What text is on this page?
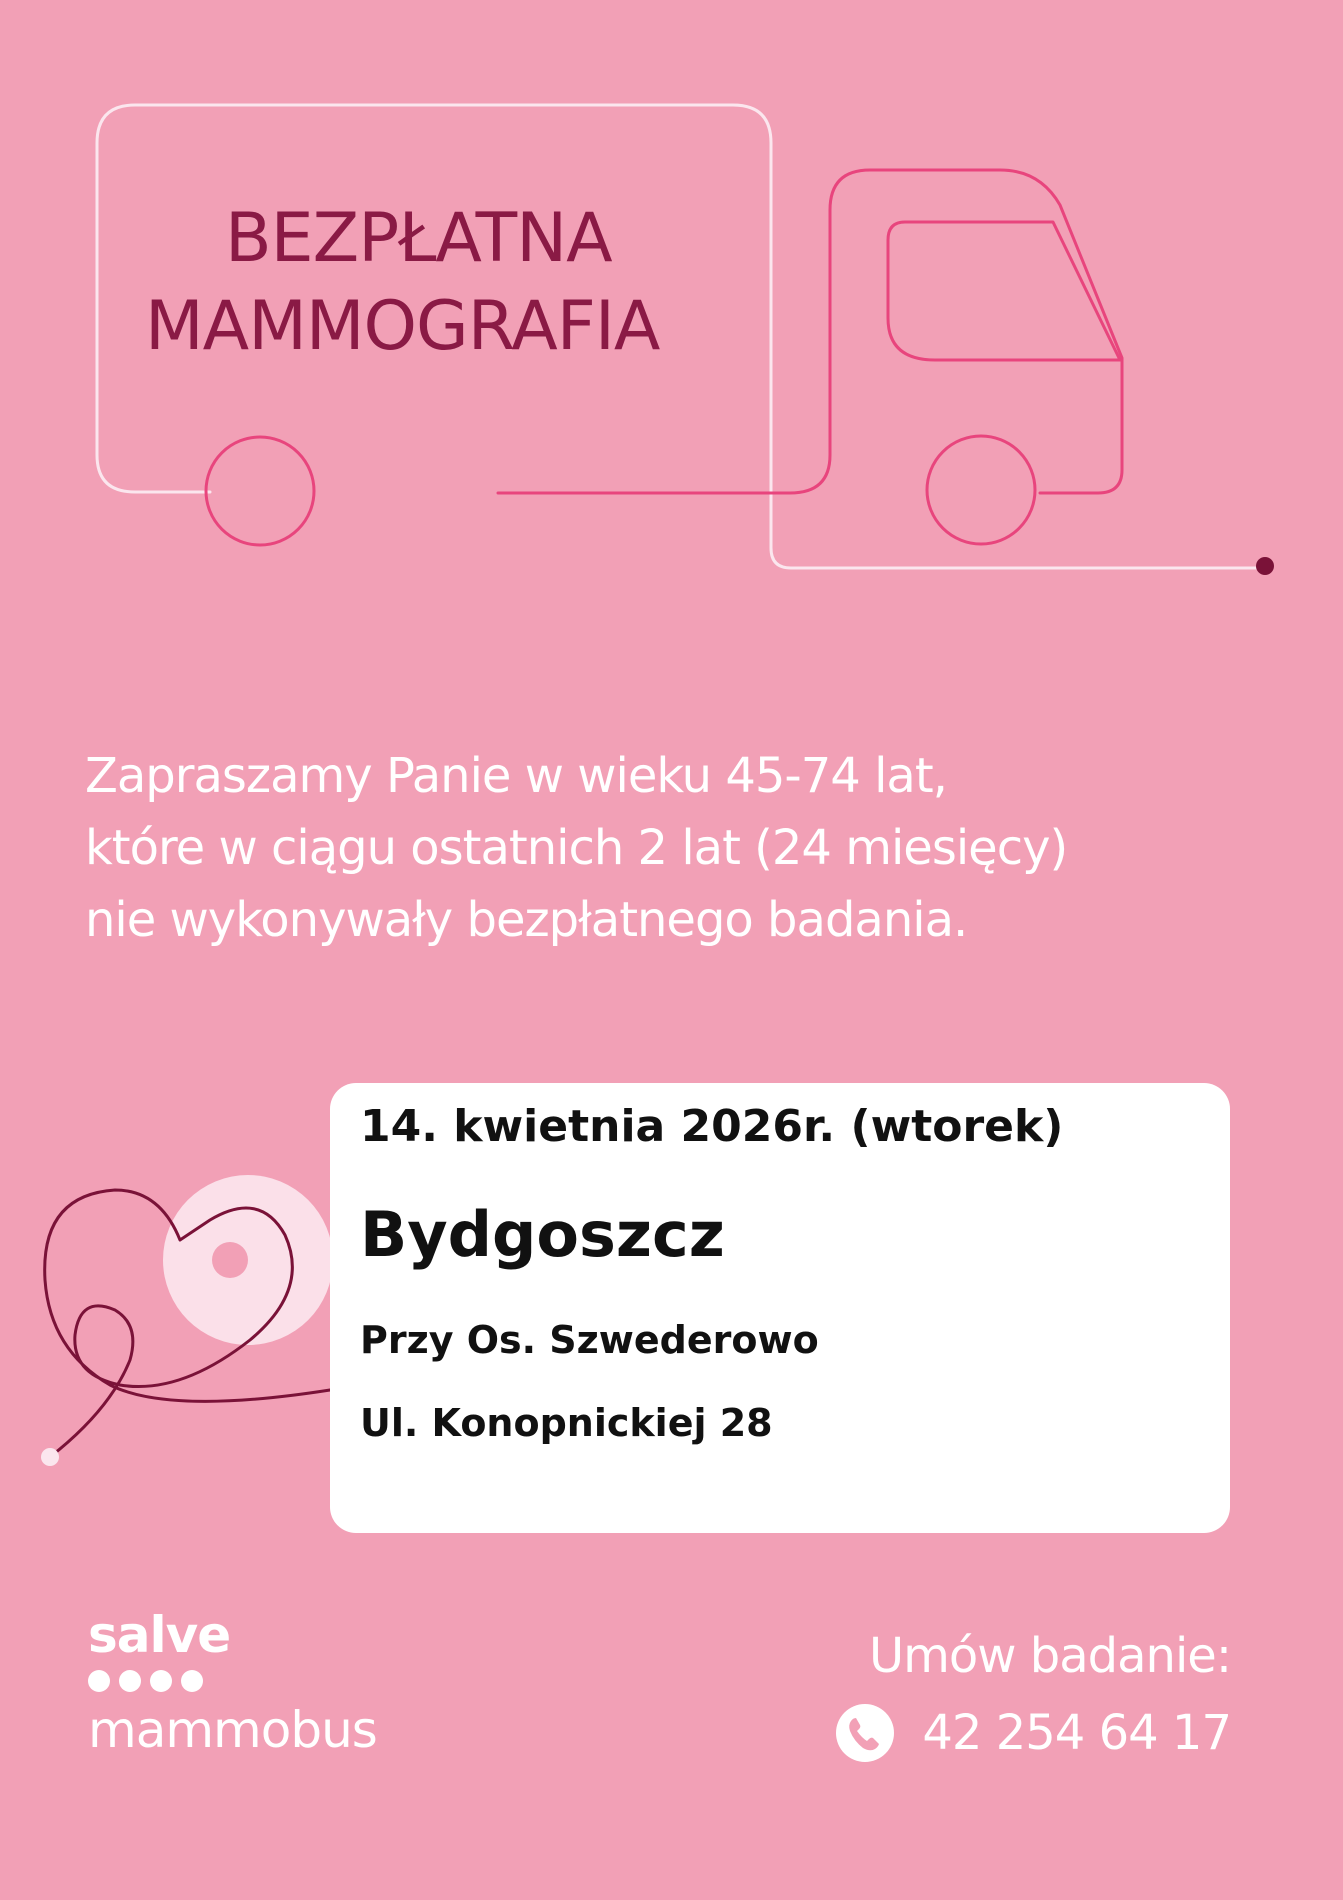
BEZPŁATNA
MAMMOGRAFIA
Zapraszamy Panie w wieku 45-74 lat,
które w ciągu ostatnich 2 lat (24 miesięcy)
nie wykonywały bezpłatnego badania.
14. kwietnia 2026r. (wtorek)
Bydgoszcz
Przy Os. Szwederowo
Ul. Konopnickiej 28
salve
mammobus
Umów badanie:
42 254 64 17
